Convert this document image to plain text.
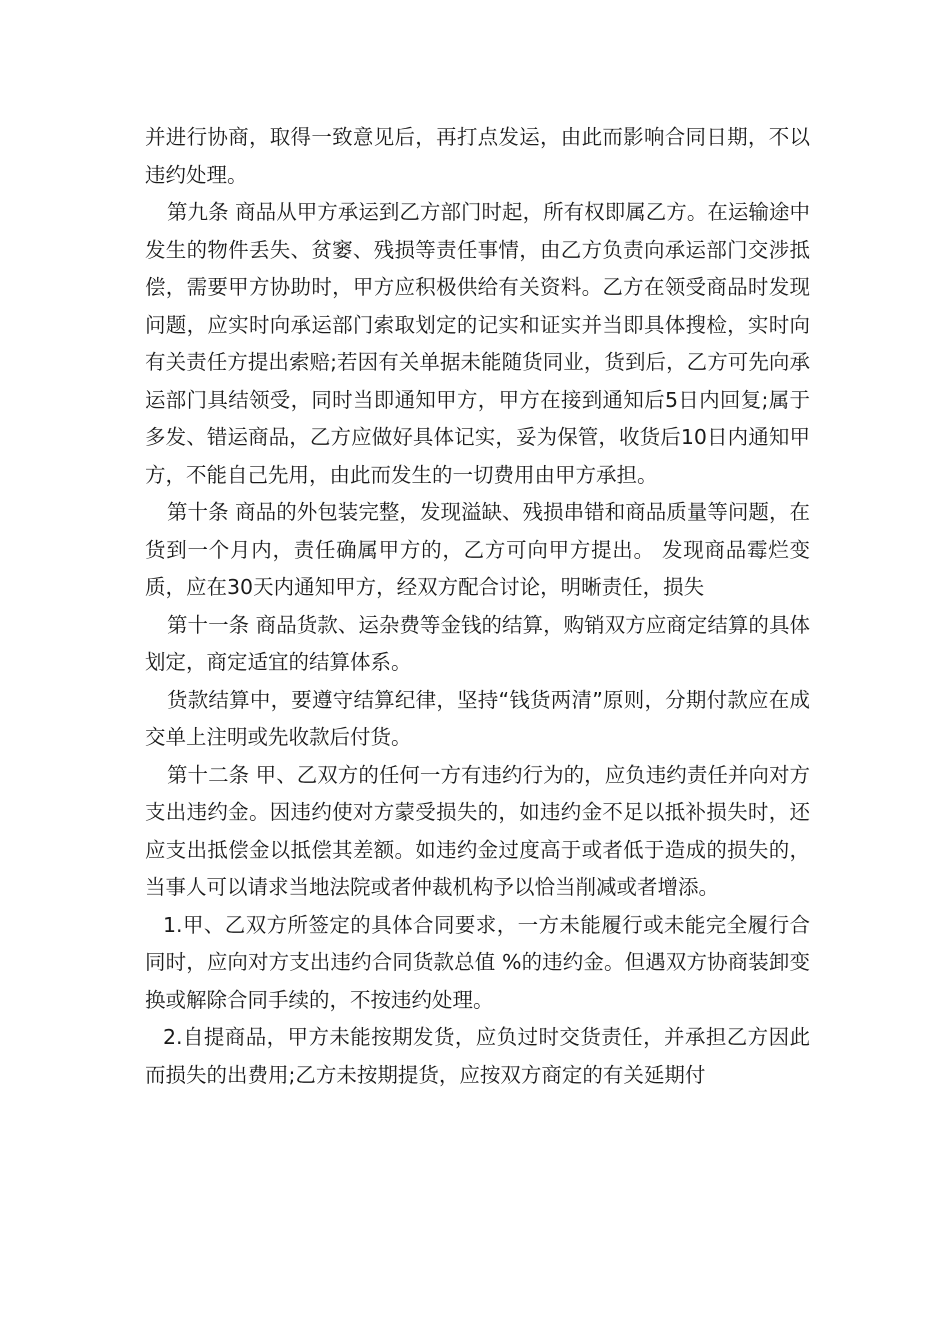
并进行协商，取得一致意见后，再打点发运，由此而影响合同日期，不以违约处理。

第九条 商品从甲方承运到乙方部门时起，所有权即属乙方。在运输途中发生的物件丢失、贫窭、残损等责任事情，由乙方负责向承运部门交涉抵偿，需要甲方协助时，甲方应积极供给有关资料。乙方在领受商品时发现问题，应实时向承运部门索取划定的记实和证实并当即具体搜检，实时向有关责任方提出索赔;若因有关单据未能随货同业，货到后，乙方可先向承运部门具结领受，同时当即通知甲方，甲方在接到通知后5日内回复;属于多发、错运商品，乙方应做好具体记实，妥为保管，收货后10日内通知甲方，不能自己先用，由此而发生的一切费用由甲方承担。

第十条 商品的外包装完整，发现溢缺、残损串错和商品质量等问题，在货到一个月内，责任确属甲方的，乙方可向甲方提出。 发现商品霉烂变质，应在30天内通知甲方，经双方配合讨论，明晰责任，损失

第十一条 商品货款、运杂费等金钱的结算，购销双方应商定结算的具体划定，商定适宜的结算体系。

货款结算中，要遵守结算纪律，坚持“钱货两清”原则，分期付款应在成交单上注明或先收款后付货。

第十二条 甲、乙双方的任何一方有违约行为的，应负违约责任并向对方支出违约金。因违约使对方蒙受损失的，如违约金不足以抵补损失时，还应支出抵偿金以抵偿其差额。如违约金过度高于或者低于造成的损失的，当事人可以请求当地法院或者仲裁机构予以恰当削减或者增添。

1.甲、乙双方所签定的具体合同要求，一方未能履行或未能完全履行合同时，应向对方支出违约合同货款总值 %的违约金。但遇双方协商装卸变换或解除合同手续的，不按违约处理。

2.自提商品，甲方未能按期发货，应负过时交货责任，并承担乙方因此而损失的出费用;乙方未按期提货，应按双方商定的有关延期付
